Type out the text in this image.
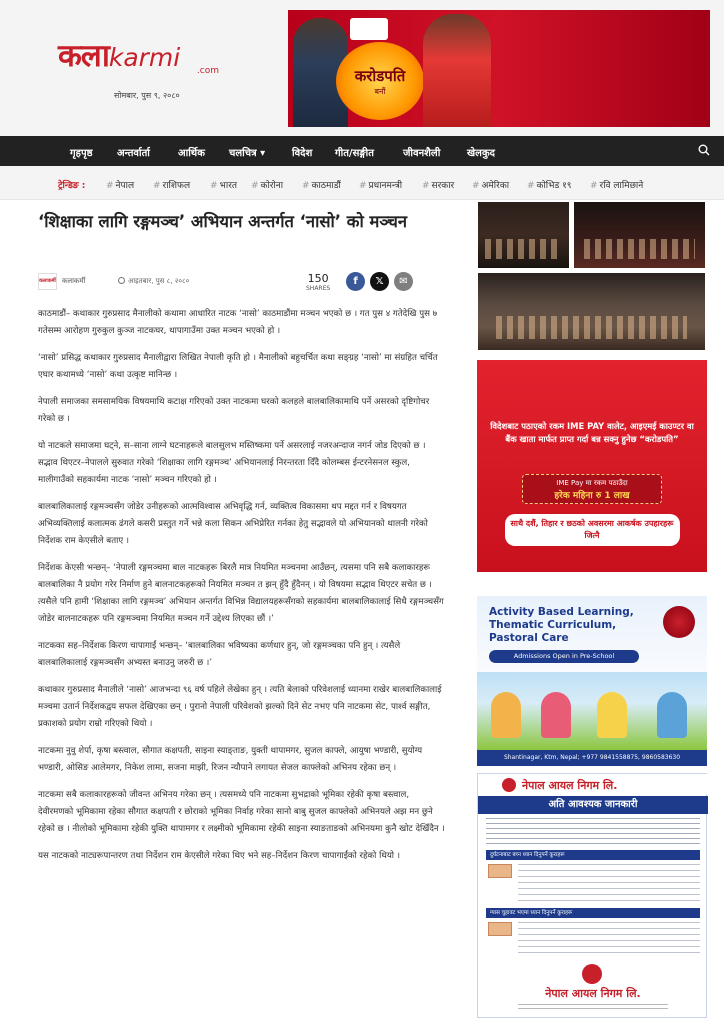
कलाkarmi .com
सोमबार, पुस ९, २०८०
करोडपति
बनौं
गृहपृष्ठ अन्तर्वार्ता	आर्थिक चलचित्र ▾	विदेश गीत/सङ्गीत	जीवनशैली	खेलकुद
ट्रेन्डिङ : # नेपाल # राशिफल # भारत # कोरोना # काठमाडौं # प्रधानमन्त्री # सरकार # अमेरिका # कोभिड १९ # रवि लामिछाने
‘शिक्षाका लागि रङ्गमञ्च’ अभियान अन्तर्गत ‘नासो’ को मञ्चन
कलाकर्मी कलाकर्मी	आइतबार, पुस ८, २०८०	150
SHARES
f	𝕏	✉

काठमाडौं– कथाकार गुरुप्रसाद मैनालीको कथामा आधारित नाटक ‘नासो’ काठमाडौंमा मञ्चन भएको छ । गत पुस ४ गतेदेखि पुस ७ गतेसम्म आरोहण गुरुकुल कुञ्ज नाटकघर, थापागाउँमा उक्त मञ्चन भएको हो ।

‘नासो’ प्रसिद्ध कथाकार गुरुप्रसाद मैनालीद्वारा लिखित नेपाली कृति हो । मैनालीको बहुचर्चित कथा सङ्ग्रह ‘नासो’ मा संग्रहित चर्चित एघार कथामध्ये ‘नासो’ कथा उत्कृष्ट मानिन्छ ।

नेपाली समाजका समसामयिक विषयमाथि कटाक्ष गरिएको उक्त नाटकमा घरको कलहले बालबालिकामाथि पर्ने असरको दृष्टिगोचर गरेको छ ।

यो नाटकले समाजमा घट्ने, स–साना लाग्ने घटनाहरूले बालसुलभ मस्तिष्कमा पर्ने असरलाई नजरअन्दाज नगर्न जोड दिएको छ । सद्भाव थिएटर–नेपालले सुरुवात गरेको ‘शिक्षाका लागि रङ्गमञ्च’ अभियानलाई निरन्तरता दिँदै कोलम्बस ईन्टरनेसनल स्कुल, मालीगाउँको सहकार्यमा नाटक ‘नासो’ मञ्चन गरिएको हो ।

बालबालिकालाई रङ्गमञ्चसँग जोडेर उनीहरूको आत्मविश्वास अभिवृद्धि गर्न, व्यक्तित्व विकासमा थप मद्दत गर्न र विषयगत अभिव्यक्तिलाई कलात्मक ढंगले कसरी प्रस्तुत गर्ने भन्ने कला सिकन अभिप्रेरित गर्नका हेतु सद्भावले यो अभियानको थालनी गरेको निर्देशक राम केएसीले बताए ।

निर्देशक केएसी भन्छन्– ‘नेपाली रङ्गमञ्चमा बाल नाटकहरू बिरलै मात्र नियमित मञ्चनमा आउँछन्, त्यसमा पनि सबै कलाकारहरू बालबालिका नै प्रयोग गरेर निर्माण हुने बालनाटकहरूको नियमित मञ्चन त झन् हुँदै हुँदैनन् । यो विषयमा सद्भाव थिएटर सचेत छ । त्यसैले पनि हामी ‘शिक्षाका लागि रङ्गमञ्च’ अभियान अन्तर्गत विभिन्न विद्यालयहरूसँगको सहकार्यमा बालबालिकालाई सिधै रङ्गमञ्चसँग जोडेर बालनाटकहरू पनि रङ्गमञ्चमा नियमित मञ्चन गर्ने उद्देश्य लिएका छौं ।’

नाटकका सह–निर्देशक किरण चापागाईं भन्छन्– ‘बालबालिका भविष्यका कर्णधार हुन्, जो रङ्गमञ्चका पनि हुन् । त्यसैले बालबालिकालाई रङ्गमञ्चसँग अभ्यस्त बनाउनु जरुरी छ ।’

कथाकार गुरुप्रसाद मैनालीले ‘नासो’ आजभन्दा ९६ वर्ष पहिले लेखेका हुन् । त्यति बेलाको परिवेशलाई ध्यानमा राखेर बालबालिकालाई मञ्चमा उतार्न निर्देशकद्वय सफल देखिएका छन् । पुरानो नेपाली परिवेशको झल्को दिने सेट नभए पनि नाटकमा सेट, पार्श्व सङ्गीत, प्रकाशको प्रयोग राम्रो गरिएको थियो ।

नाटकमा नुवु शेर्पा, कृषा बस्त्वाल, सौगात कक्षपती, साइना स्याङ्ताङ, युक्ती थापामगर, सुजल काफ्ले, आयुषा भण्डारी, सुयोग्य भण्डारी, ओसिङ आलेमगर, निकेश लामा, सजना माझी, रिजन न्यौपाने लगायत सेजल काफ्लेको अभिनय रहेका छन् ।

नाटकमा सबै कलाकारहरूको जीवन्त अभिनय गरेका छन् । त्यसमध्ये पनि नाटकमा सुभद्राको भूमिका रहेकी कृषा बस्त्वाल, देवीरमणको भूमिकामा रहेका सौगात कक्षपती र छोराको भूमिका निर्वाह गरेका सानो बाबु सुजल काफ्लेको अभिनयले अझ मन छुने रहेको छ । नीलोको भूमिकामा रहेकी युक्ति थापामगर र लक्ष्मीको भूमिकामा रहेकी साइना स्याङताङको अभिनयमा कुनै खोट देखिँदैन ।

यस नाटकको नाट्यरूपान्तरण तथा निर्देशन राम केएसीले गरेका थिए भने सह–निर्देशन किरण चापागाईंको रहेको थियो ।

विदेशबाट पठाएको रकम IME PAY वालेट, आइएमई काउण्टर वा बैंक खाता मार्फत प्राप्त गर्दा बन्न सक्नु हुनेछ “करोडपति”
IME Pay मा रकम पठाउँदा
हरेक महिना रु 1 लाख
साथै दशैं, तिहार र छठको अवसरमा आकर्षक उपहारहरू जित्नै
Activity Based Learning, Thematic Curriculum, Pastoral Care
Admissions Open in Pre-School
Shantinagar, Ktm, Nepal; +977 9841558875, 9860583630
नेपाल आयल निगम लि.
अति आवश्यक जानकारी
दुर्घटनाबाट बच्न ध्यान दिनुपर्ने कुराहरू
ग्यास चुहावट भएमा ध्यान दिनुपर्ने कुराहरू
नेपाल आयल निगम लि.
